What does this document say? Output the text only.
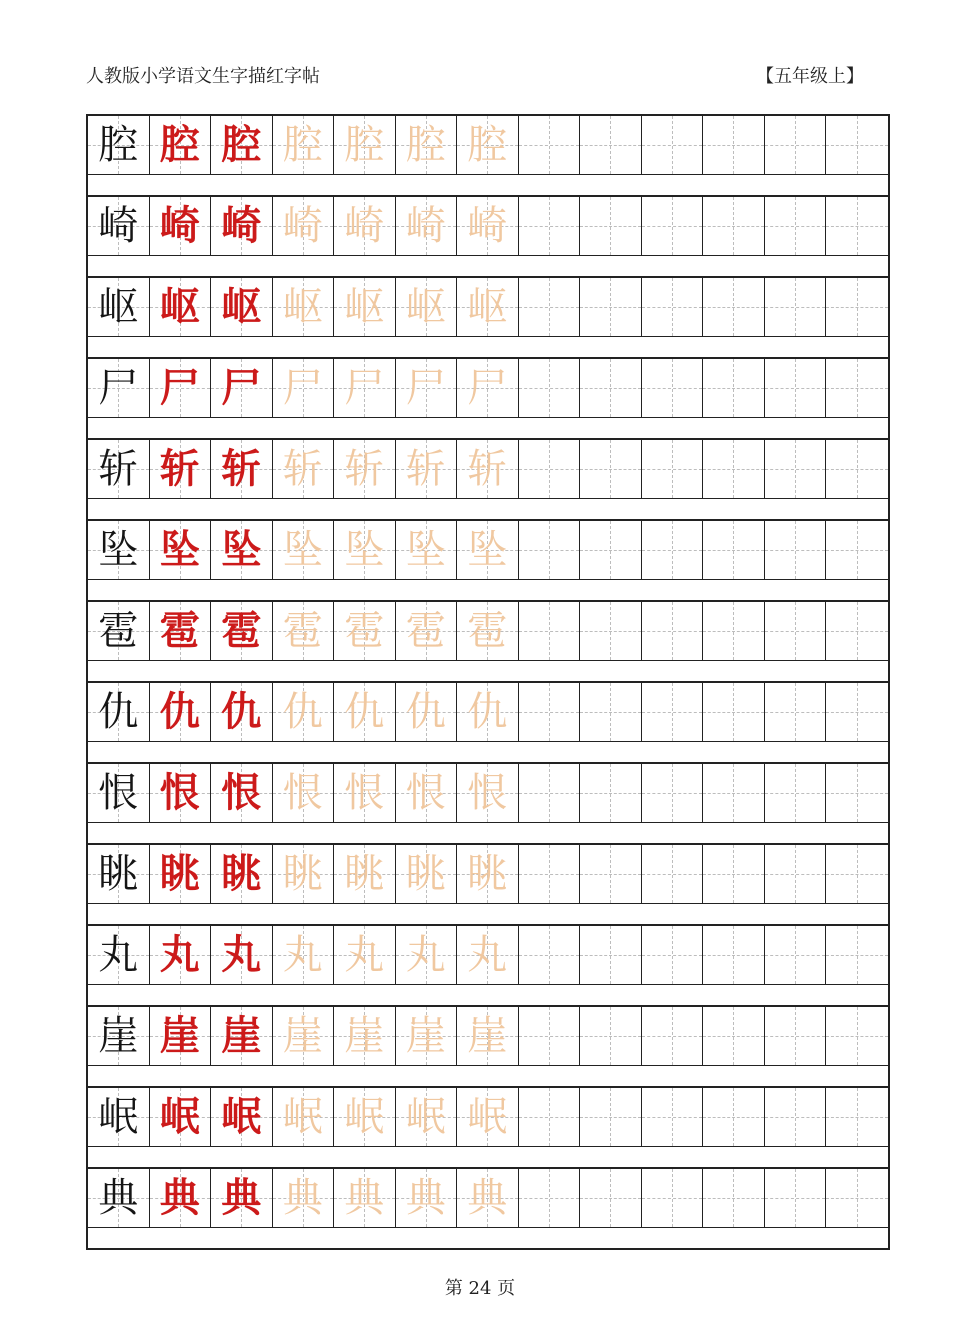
人教版小学语文生字描红字帖	【五年级上】
腔 腔 腔 腔 腔 腔 腔
崎 崎 崎 崎 崎 崎 崎
岖 岖 岖 岖 岖 岖 岖
尸 尸 尸 尸 尸 尸 尸
斩 斩 斩 斩 斩 斩 斩
坠 坠 坠 坠 坠 坠 坠
雹 雹 雹 雹 雹 雹 雹
仇 仇 仇 仇 仇 仇 仇
恨 恨 恨 恨 恨 恨 恨
眺 眺 眺 眺 眺 眺 眺
丸 丸 丸 丸 丸 丸 丸
崖 崖 崖 崖 崖 崖 崖
岷 岷 岷 岷 岷 岷 岷
典 典 典 典 典 典 典
第 24 页
